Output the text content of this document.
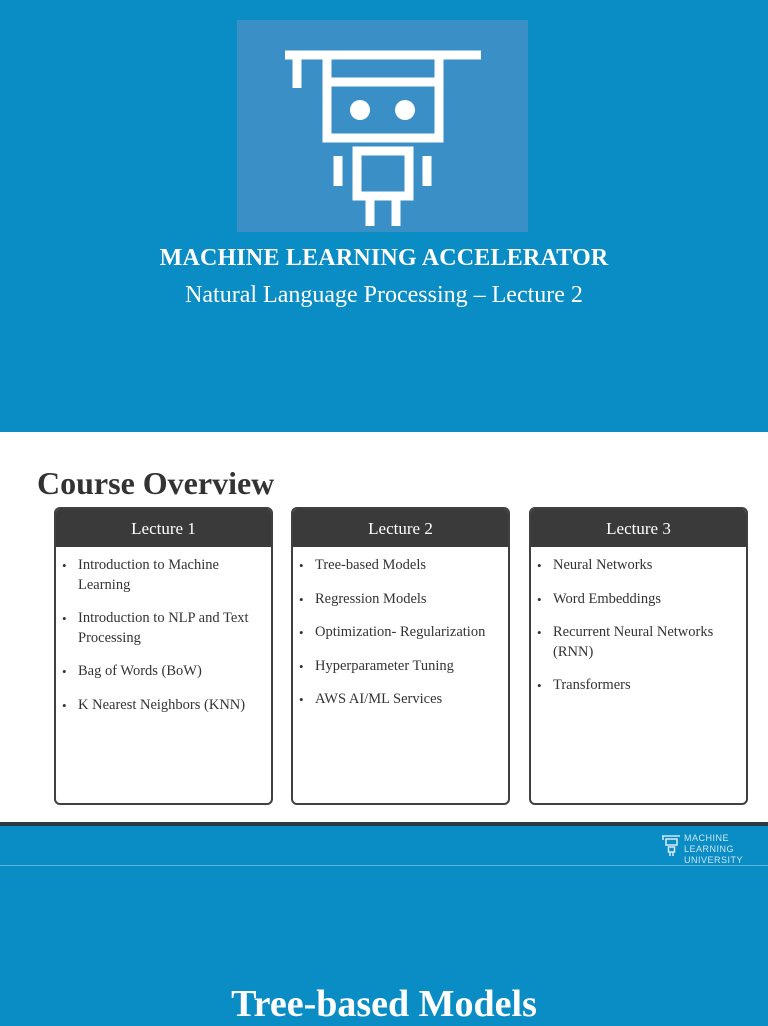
MACHINE LEARNING ACCELERATOR
Natural Language Processing – Lecture 2
Course Overview
Lecture 1
• Introduction to Machine Learning
• Introduction to NLP and Text Processing
• Bag of Words (BoW)
• K Nearest Neighbors (KNN)
Lecture 2
• Tree-based Models
• Regression Models
• Optimization- Regularization
• Hyperparameter Tuning
• AWS AI/ML Services
Lecture 3
• Neural Networks
• Word Embeddings
• Recurrent Neural Networks (RNN)
• Transformers
MACHINE LEARNING
UNIVERSITY
Tree-based Models
